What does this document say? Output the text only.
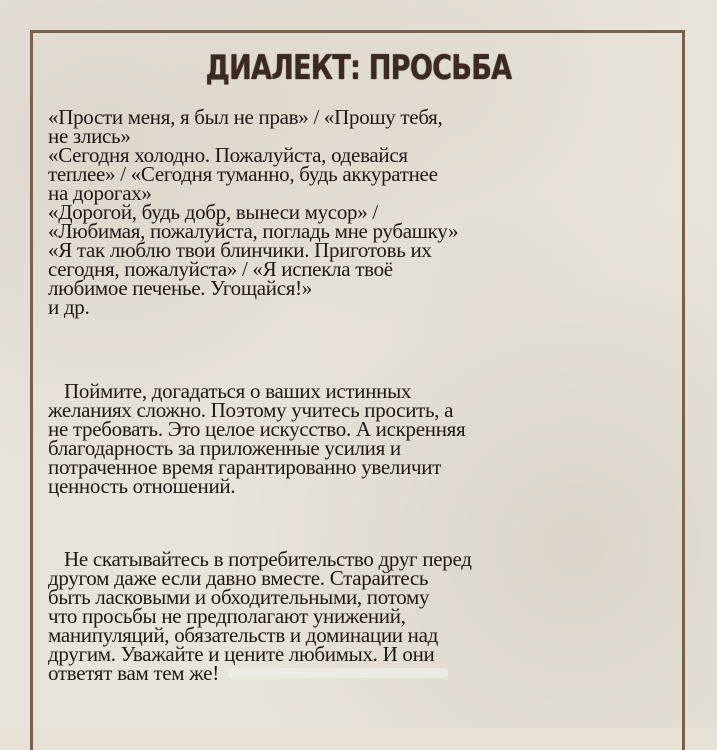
ДИАЛЕКТ: ПРОСЬБА
«Прости меня, я был не прав» / «Прошу тебя,
не злись»
«Сегодня холодно. Пожалуйста, одевайся
теплее» / «Сегодня туманно, будь аккуратнее
на дорогах»
«Дорогой, будь добр, вынеси мусор» /
«Любимая, пожалуйста, погладь мне рубашку»
«Я так люблю твои блинчики. Приготовь их
сегодня, пожалуйста» / «Я испекла твоё
любимое печенье. Угощайся!»
и др.
Поймите, догадаться о ваших истинных
желаниях сложно. Поэтому учитесь просить, а
не требовать. Это целое искусство. А искренняя
благодарность за приложенные усилия и
потраченное время гарантированно увеличит
ценность отношений.
Не скатывайтесь в потребительство друг перед
другом даже если давно вместе. Старайтесь
быть ласковыми и обходительными, потому
что просьбы не предполагают унижений,
манипуляций, обязательств и доминации над
другим. Уважайте и цените любимых. И они
ответят вам тем же!
